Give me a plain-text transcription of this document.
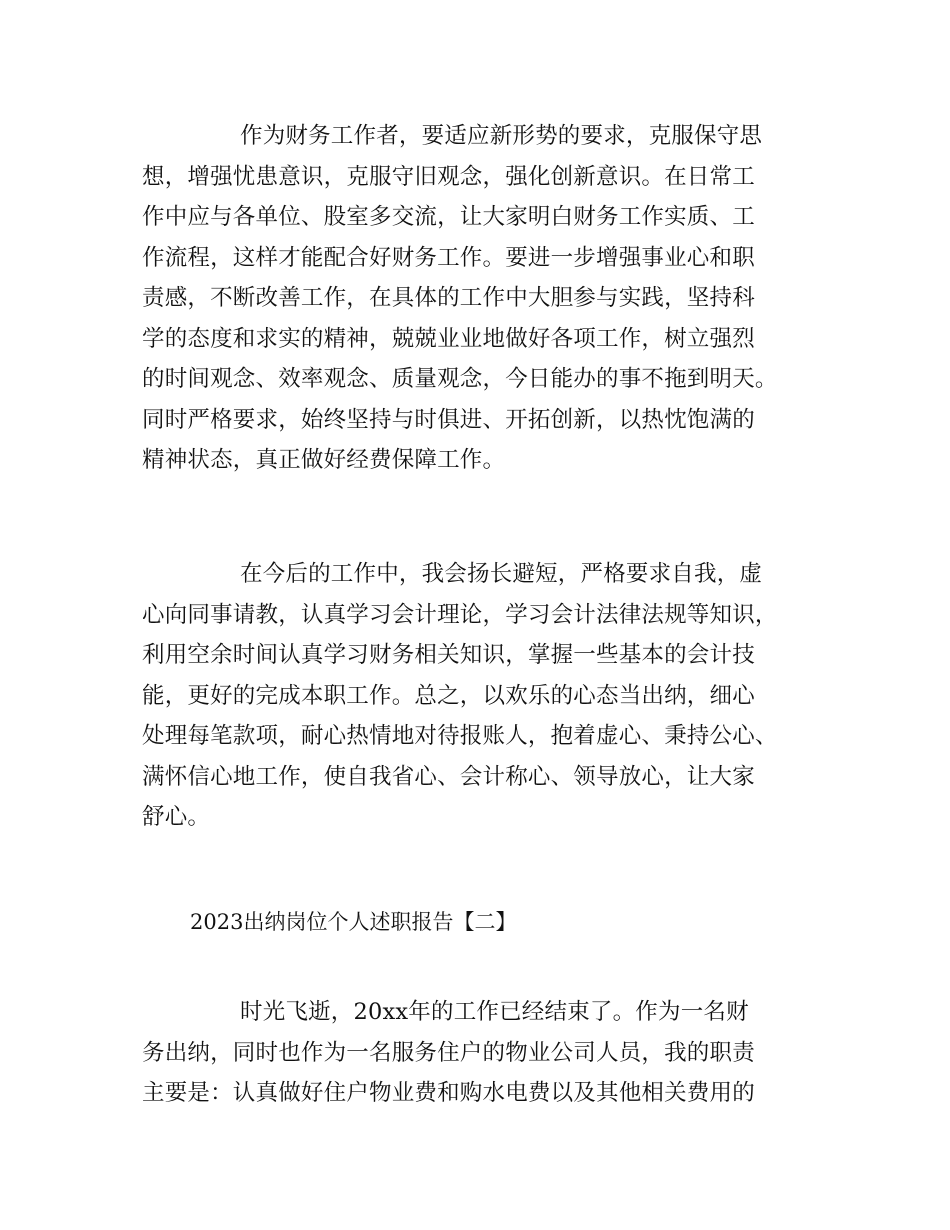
作为财务工作者，要适应新形势的要求，克服保守思
想，增强忧患意识，克服守旧观念，强化创新意识。在日常工
作中应与各单位、股室多交流，让大家明白财务工作实质、工
作流程，这样才能配合好财务工作。要进一步增强事业心和职
责感，不断改善工作，在具体的工作中大胆参与实践，坚持科
学的态度和求实的精神，兢兢业业地做好各项工作，树立强烈
的时间观念、效率观念、质量观念，今日能办的事不拖到明天。
同时严格要求，始终坚持与时俱进、开拓创新，以热忱饱满的
精神状态，真正做好经费保障工作。
在今后的工作中，我会扬长避短，严格要求自我，虚
心向同事请教，认真学习会计理论，学习会计法律法规等知识，
利用空余时间认真学习财务相关知识，掌握一些基本的会计技
能，更好的完成本职工作。总之，以欢乐的心态当出纳，细心
处理每笔款项，耐心热情地对待报账人，抱着虚心、秉持公心、
满怀信心地工作，使自我省心、会计称心、领导放心，让大家
舒心。
2023出纳岗位个人述职报告【二】
时光飞逝，20xx年的工作已经结束了。作为一名财
务出纳，同时也作为一名服务住户的物业公司人员，我的职责
主要是：认真做好住户物业费和购水电费以及其他相关费用的
